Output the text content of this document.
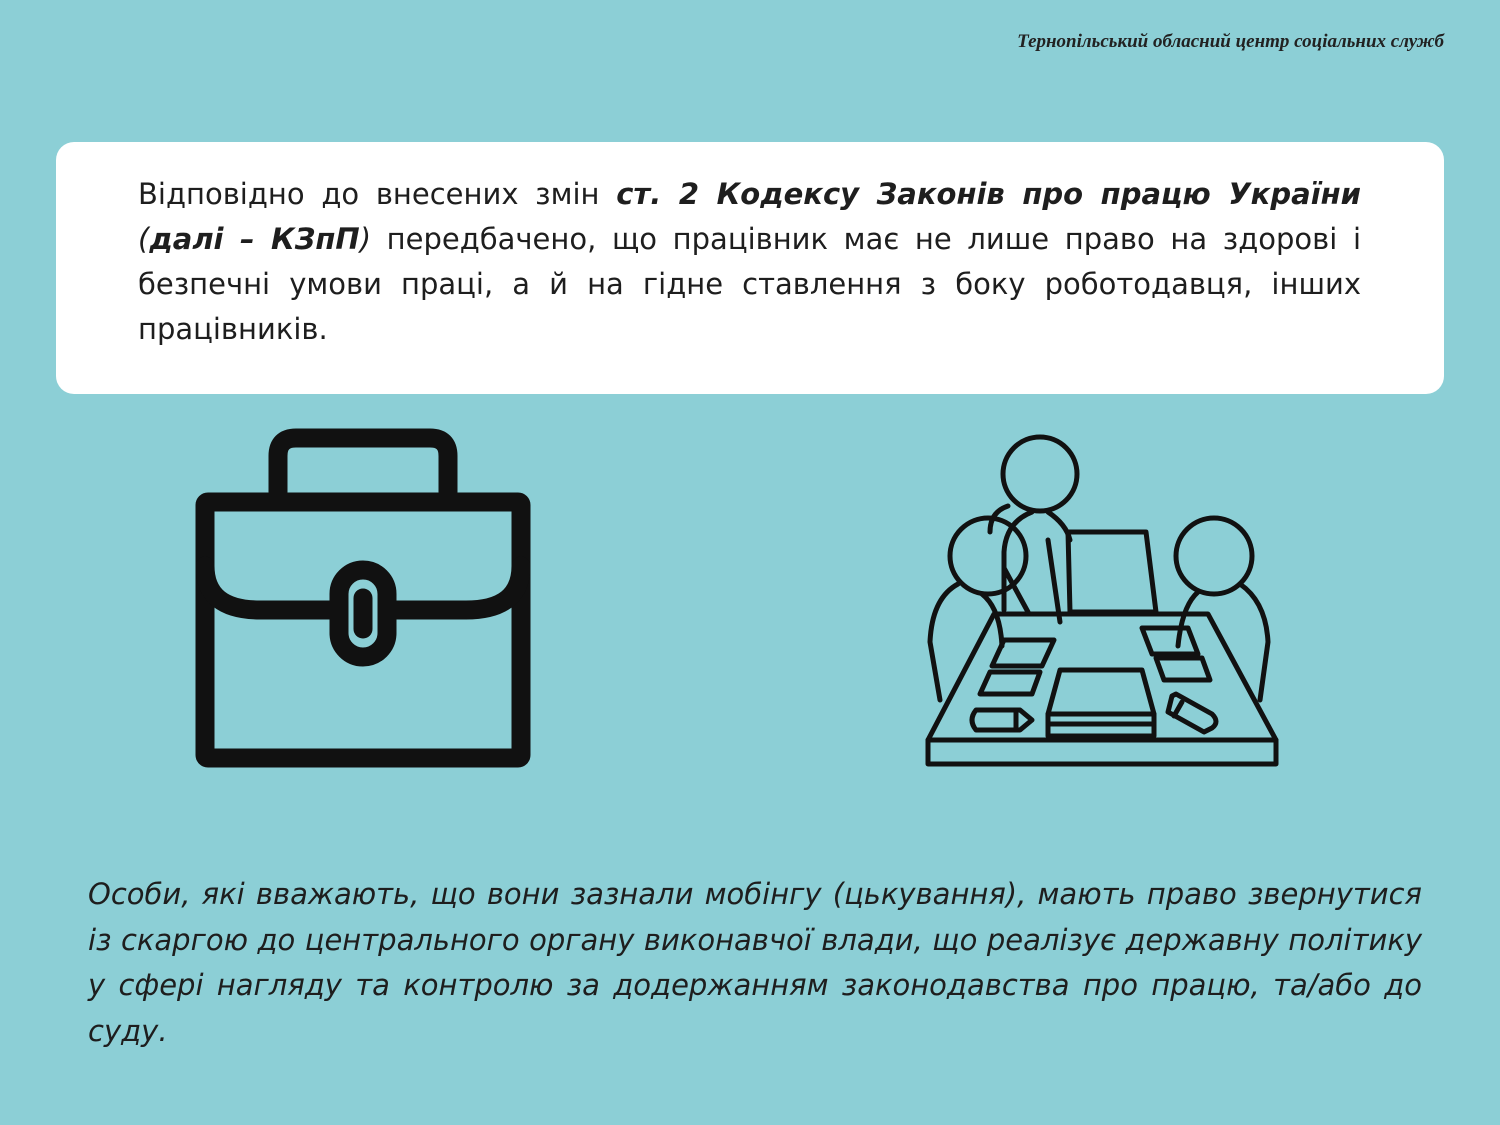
Тернопільський обласний центр соціальних служб

Відповідно до внесених змін ст. 2 Кодексу Законів про працю України (далі – КЗпП) передбачено, що працівник має не лише право на здорові і безпечні умови праці, а й на гідне ставлення з боку роботодавця, інших працівників.

Особи, які вважають, що вони зазнали мобінгу (цькування), мають право звернутися із скаргою до центрального органу виконавчої влади, що реалізує державну політику у сфері нагляду та контролю за додержанням законодавства про працю, та/або до суду.
